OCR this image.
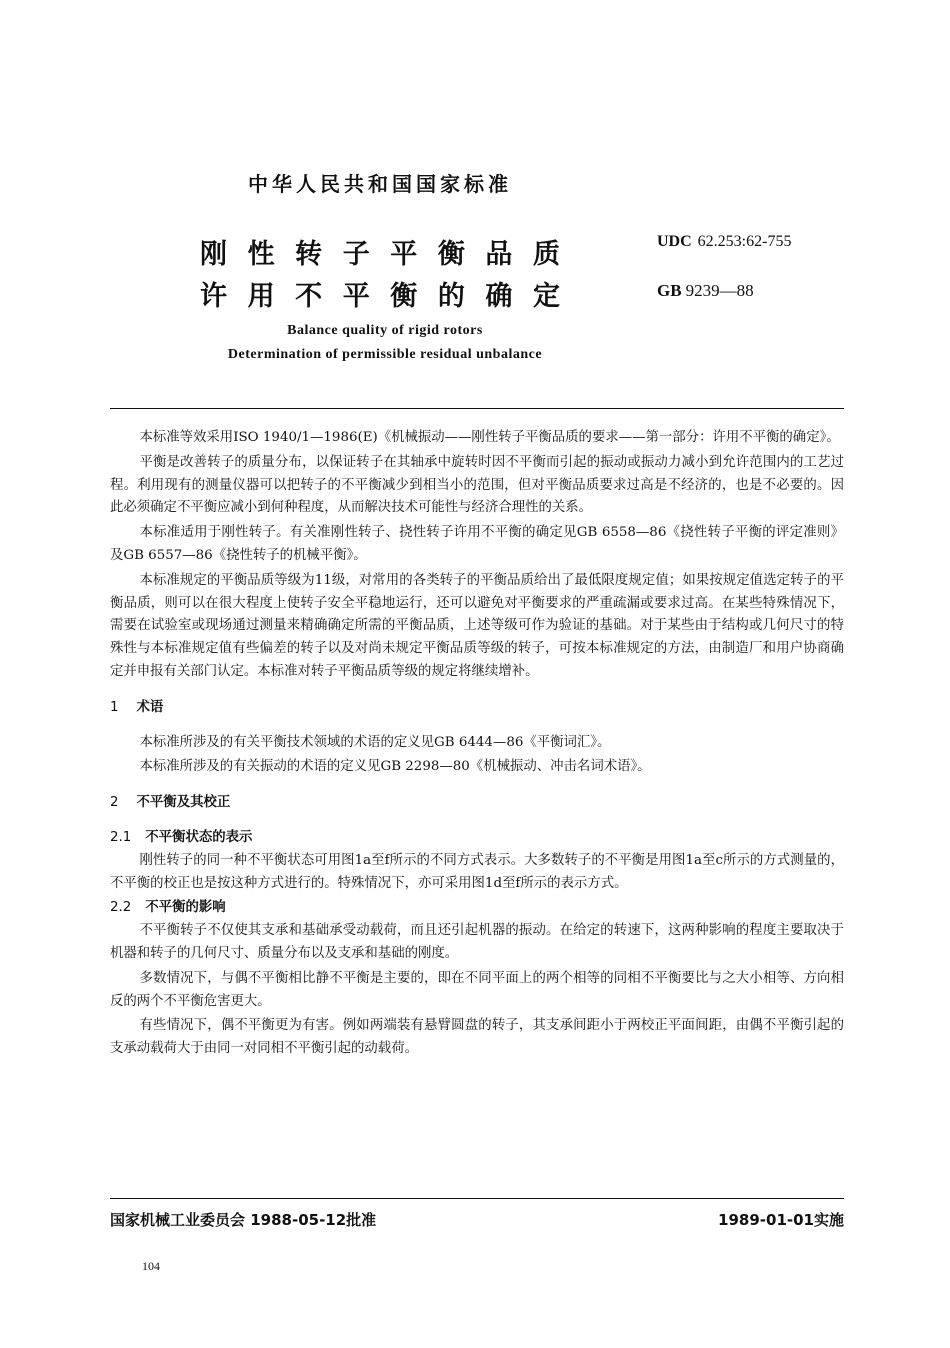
中华人民共和国国家标准
刚 性 转 子 平 衡 品 质
许 用 不 平 衡 的 确 定
Balance quality of rigid rotors
Determination of permissible residual unbalance
UDC 62.253:62-755
GB 9239—88

本标准等效采用ISO 1940/1—1986(E)《机械振动——刚性转子平衡品质的要求——第一部分：许用不平衡的确定》。

平衡是改善转子的质量分布，以保证转子在其轴承中旋转时因不平衡而引起的振动或振动力减小到允许范围内的工艺过程。利用现有的测量仪器可以把转子的不平衡减少到相当小的范围，但对平衡品质要求过高是不经济的，也是不必要的。因此必须确定不平衡应减小到何种程度，从而解决技术可能性与经济合理性的关系。

本标准适用于刚性转子。有关准刚性转子、挠性转子许用不平衡的确定见GB 6558—86《挠性转子平衡的评定准则》及GB 6557—86《挠性转子的机械平衡》。

本标准规定的平衡品质等级为11级，对常用的各类转子的平衡品质给出了最低限度规定值；如果按规定值选定转子的平衡品质，则可以在很大程度上使转子安全平稳地运行，还可以避免对平衡要求的严重疏漏或要求过高。在某些特殊情况下，需要在试验室或现场通过测量来精确确定所需的平衡品质，上述等级可作为验证的基础。对于某些由于结构或几何尺寸的特殊性与本标准规定值有些偏差的转子以及对尚未规定平衡品质等级的转子，可按本标准规定的方法，由制造厂和用户协商确定并申报有关部门认定。本标准对转子平衡品质等级的规定将继续增补。

1 术语

本标准所涉及的有关平衡技术领域的术语的定义见GB 6444—86《平衡词汇》。

本标准所涉及的有关振动的术语的定义见GB 2298—80《机械振动、冲击名词术语》。

2 不平衡及其校正
2.1 不平衡状态的表示

刚性转子的同一种不平衡状态可用图1a至f所示的不同方式表示。大多数转子的不平衡是用图1a至c所示的方式测量的，不平衡的校正也是按这种方式进行的。特殊情况下，亦可采用图1d至f所示的表示方式。

2.2 不平衡的影响

不平衡转子不仅使其支承和基础承受动载荷，而且还引起机器的振动。在给定的转速下，这两种影响的程度主要取决于机器和转子的几何尺寸、质量分布以及支承和基础的刚度。

多数情况下，与偶不平衡相比静不平衡是主要的，即在不同平面上的两个相等的同相不平衡要比与之大小相等、方向相反的两个不平衡危害更大。

有些情况下，偶不平衡更为有害。例如两端装有悬臂圆盘的转子，其支承间距小于两校正平面间距，由偶不平衡引起的支承动载荷大于由同一对同相不平衡引起的动载荷。

国家机械工业委员会 1988-05-12批准	1989-01-01实施
104
